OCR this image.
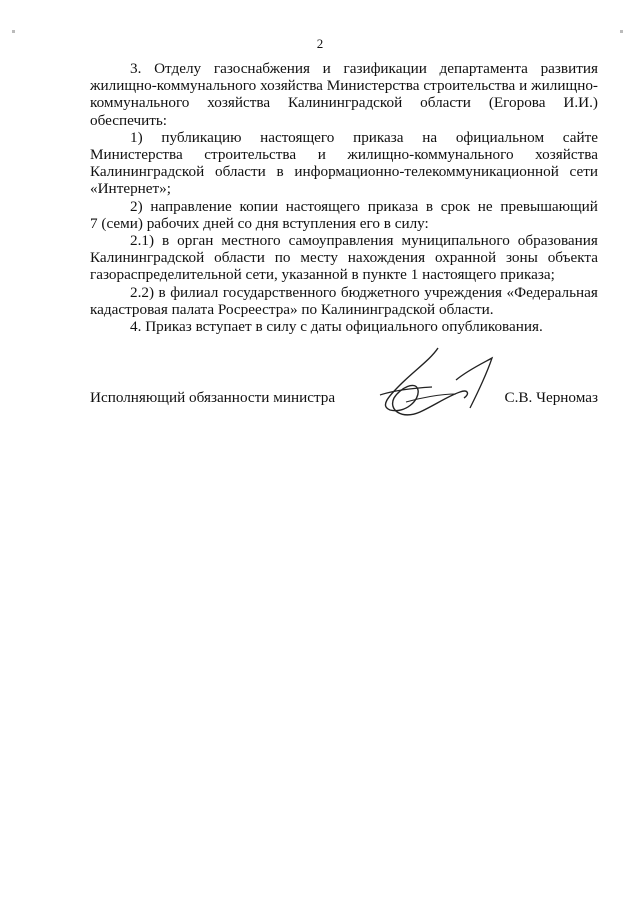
2
3. Отделу газоснабжения и газификации департамента развития
жилищно-коммунального хозяйства Министерства строительства и жилищно-
коммунального хозяйства Калининградской области (Егорова И.И.)
обеспечить:
1) публикацию настоящего приказа на официальном сайте
Министерства строительства и жилищно-коммунального хозяйства
Калининградской области в информационно-телекоммуникационной сети
«Интернет»;
2) направление копии настоящего приказа в срок не превышающий
7 (семи) рабочих дней со дня вступления его в силу:
2.1) в орган местного самоуправления муниципального образования
Калининградской области по месту нахождения охранной зоны объекта
газораспределительной сети, указанной в пункте 1 настоящего приказа;
2.2) в филиал государственного бюджетного учреждения «Федеральная
кадастровая палата Росреестра» по Калининградской области.
4. Приказ вступает в силу с даты официального опубликования.
Исполняющий обязанности министра	С.В. Черномаз
